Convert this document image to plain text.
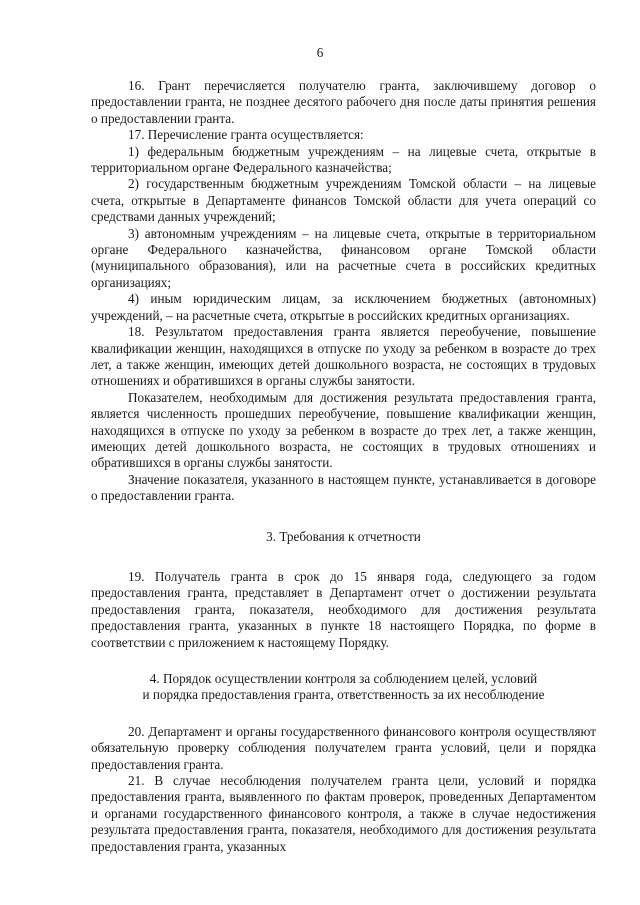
6

16. Грант перечисляется получателю гранта, заключившему договор о предоставлении гранта, не позднее десятого рабочего дня после даты принятия решения о предоставлении гранта.

17. Перечисление гранта осуществляется:

1) федеральным бюджетным учреждениям – на лицевые счета, открытые в территориальном органе Федерального казначейства;

2) государственным бюджетным учреждениям Томской области – на лицевые счета, открытые в Департаменте финансов Томской области для учета операций со средствами данных учреждений;

3) автономным учреждениям – на лицевые счета, открытые в территориальном органе Федерального казначейства, финансовом органе Томской области (муниципального образования), или на расчетные счета в российских кредитных организациях;

4) иным юридическим лицам, за исключением бюджетных (автономных) учреждений, – на расчетные счета, открытые в российских кредитных организациях.

18. Результатом предоставления гранта является переобучение, повышение квалификации женщин, находящихся в отпуске по уходу за ребенком в возрасте до трех лет, а также женщин, имеющих детей дошкольного возраста, не состоящих в трудовых отношениях и обратившихся в органы службы занятости.

Показателем, необходимым для достижения результата предоставления гранта, является численность прошедших переобучение, повышение квалификации женщин, находящихся в отпуске по уходу за ребенком в возрасте до трех лет, а также женщин, имеющих детей дошкольного возраста, не состоящих в трудовых отношениях и обратившихся в органы службы занятости.

Значение показателя, указанного в настоящем пункте, устанавливается в договоре о предоставлении гранта.

3. Требования к отчетности

19. Получатель гранта в срок до 15 января года, следующего за годом предоставления гранта, представляет в Департамент отчет о достижении результата предоставления гранта, показателя, необходимого для достижения результата предоставления гранта, указанных в пункте 18 настоящего Порядка, по форме в соответствии с приложением к настоящему Порядку.

4. Порядок осуществлении контроля за соблюдением целей, условий

и порядка предоставления гранта, ответственность за их несоблюдение

20. Департамент и органы государственного финансового контроля осуществляют обязательную проверку соблюдения получателем гранта условий, цели и порядка предоставления гранта.

21. В случае несоблюдения получателем гранта цели, условий и порядка предоставления гранта, выявленного по фактам проверок, проведенных Департаментом и органами государственного финансового контроля, а также в случае недостижения результата предоставления гранта, показателя, необходимого для достижения результата предоставления гранта, указанных
